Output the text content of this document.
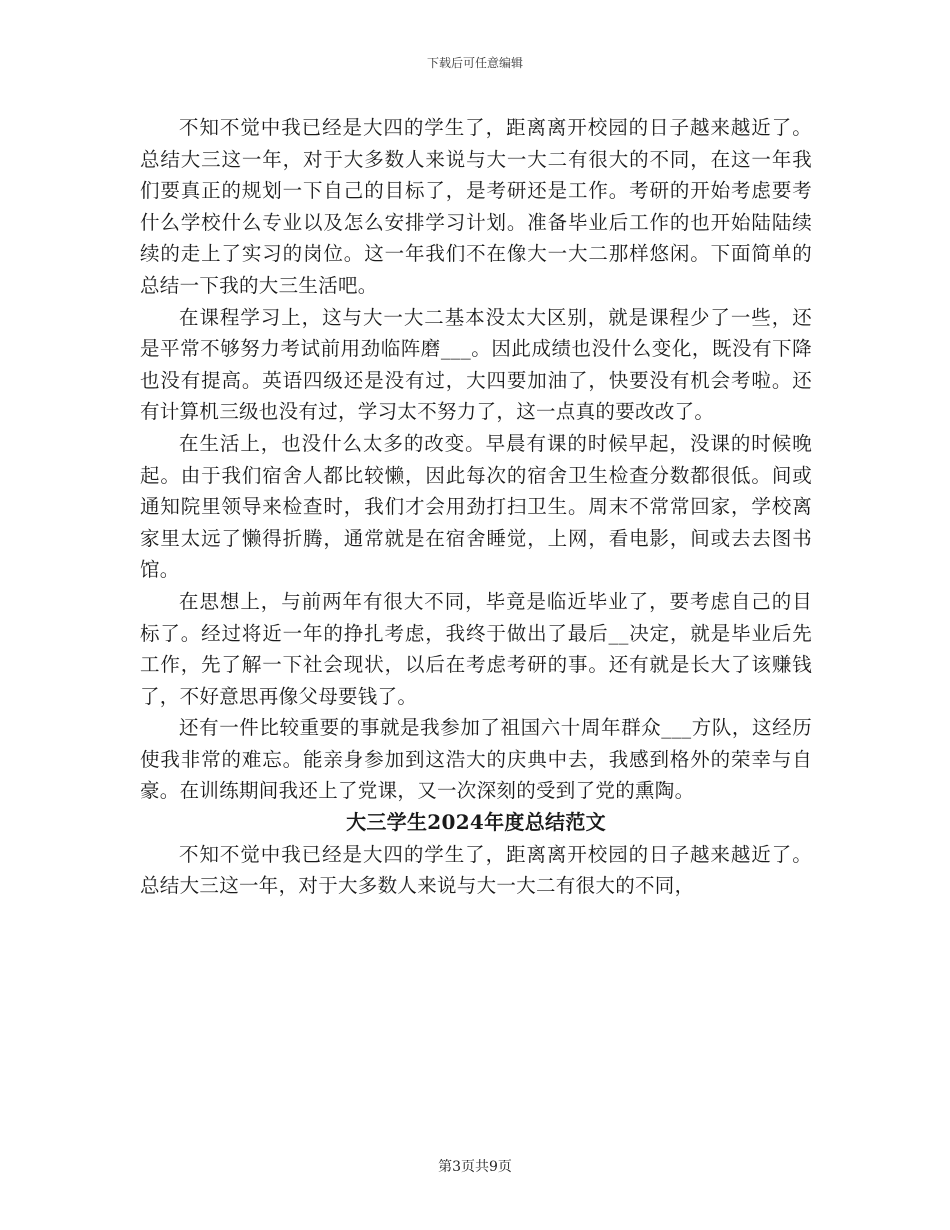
下载后可任意编辑

不知不觉中我已经是大四的学生了，距离离开校园的日子越来越近了。总结大三这一年，对于大多数人来说与大一大二有很大的不同，在这一年我们要真正的规划一下自己的目标了，是考研还是工作。考研的开始考虑要考什么学校什么专业以及怎么安排学习计划。准备毕业后工作的也开始陆陆续续的走上了实习的岗位。这一年我们不在像大一大二那样悠闲。下面简单的总结一下我的大三生活吧。

在课程学习上，这与大一大二基本没太大区别，就是课程少了一些，还是平常不够努力考试前用劲临阵磨___。因此成绩也没什么变化，既没有下降也没有提高。英语四级还是没有过，大四要加油了，快要没有机会考啦。还有计算机三级也没有过，学习太不努力了，这一点真的要改改了。

在生活上，也没什么太多的改变。早晨有课的时候早起，没课的时候晚起。由于我们宿舍人都比较懒，因此每次的宿舍卫生检查分数都很低。间或通知院里领导来检查时，我们才会用劲打扫卫生。周末不常常回家，学校离家里太远了懒得折腾，通常就是在宿舍睡觉，上网，看电影，间或去去图书馆。

在思想上，与前两年有很大不同，毕竟是临近毕业了，要考虑自己的目标了。经过将近一年的挣扎考虑，我终于做出了最后__决定，就是毕业后先工作，先了解一下社会现状，以后在考虑考研的事。还有就是长大了该赚钱了，不好意思再像父母要钱了。

还有一件比较重要的事就是我参加了祖国六十周年群众___方队，这经历使我非常的难忘。能亲身参加到这浩大的庆典中去，我感到格外的荣幸与自豪。在训练期间我还上了党课，又一次深刻的受到了党的熏陶。

大三学生2024年度总结范文

不知不觉中我已经是大四的学生了，距离离开校园的日子越来越近了。总结大三这一年，对于大多数人来说与大一大二有很大的不同，

第3页共9页
